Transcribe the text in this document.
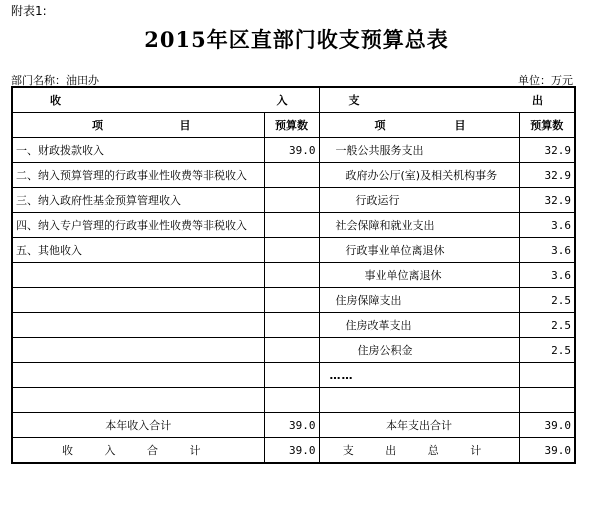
附表1:
2015年区直部门收支预算总表
部门名称：油田办	单位：万元
收 入		支 出	

项 目	预算数	项 目	预算数
一、财政拨款收入	39.0	一般公共服务支出	32.9
二、纳入预算管理的行政事业性收费等非税收入		政府办公厅(室)及相关机构事务	32.9
三、纳入政府性基金预算管理收入		行政运行	32.9
四、纳入专户管理的行政事业性收费等非税收入		社会保障和就业支出	3.6
五、其他收入		行政事业单位离退休	3.6
		事业单位离退休	3.6
		住房保障支出	2.5
		住房改革支出	2.5
		住房公积金	2.5
		……	

本年收入合计	39.0	本年支出合计	39.0
收 入 合 计	39.0	支 出 总 计	39.0
